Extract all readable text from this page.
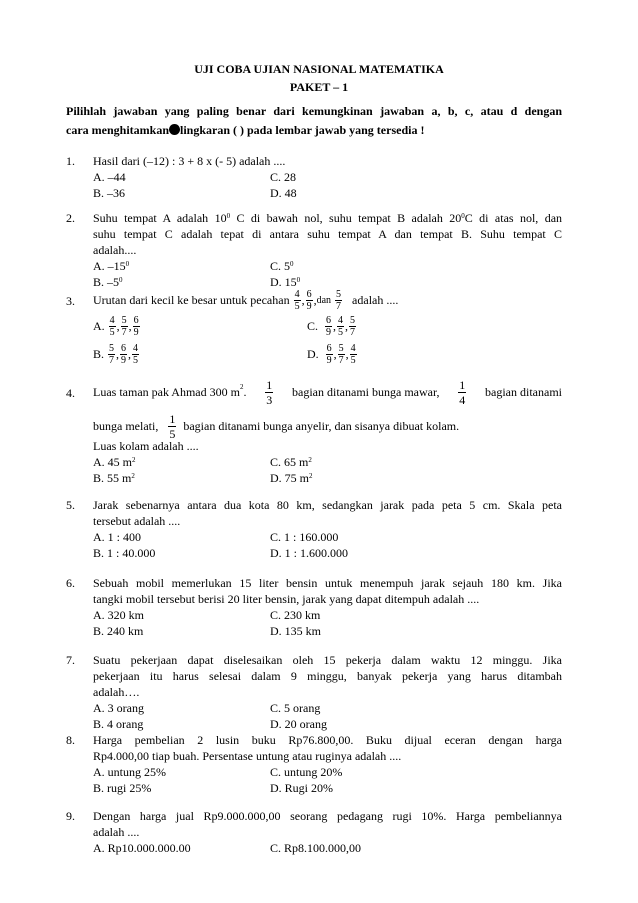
UJI COBA UJIAN NASIONAL MATEMATIKA
PAKET – 1
Pilihlah jawaban yang paling benar dari kemungkinan jawaban a, b, c, atau d dengan
cara menghitamkan lingkaran ( ) pada lembar jawab yang tersedia !
1. Hasil dari (–12) : 3 + 8 x (- 5) adalah ....
A. –44	C. 28
B. –36	D. 48
2. Suhu tempat A adalah $10^0$ C di bawah nol, suhu tempat B adalah $20^0C$ di atas nol, dan
suhu tempat C adalah tepat di antara suhu tempat A dan tempat B. Suhu tempat C
adalah....
A. $-15^0$	C. $5^0$
B. $-5^0$	D. $15^0$
3. Urutan dari kecil ke besar untuk pecahan
$\frac{4}{5}$ , $\frac{6}{9}$ , dan
$\frac{5}{7}$
adalah ....
A.
$\frac{4}{5}$ , $\frac{5}{7}$ , $\frac{6}{9}$	C.
$\frac{6}{9}$ , $\frac{4}{5}$ , $\frac{5}{7}$
B.
$\frac{5}{7}$ , $\frac{6}{9}$ , $\frac{4}{5}$	D.
$\frac{6}{9}$ , $\frac{5}{7}$ , $\frac{4}{5}$
4. Luas taman pak Ahmad 300 $m^2$. $\frac{1}{3}$ bagian ditanami bunga mawar, $\frac{1}{4}$ bagian ditanami
bunga melati,
$\frac{1}{5}$
bagian ditanami bunga anyelir, dan sisanya dibuat kolam.
Luas kolam adalah ....
A. 45 $m^2$	C. 65 $m^2$
B. 55 $m^2$	D. 75 $m^2$
5. Jarak sebenarnya antara dua kota 80 km, sedangkan jarak pada peta 5 cm. Skala peta
tersebut adalah ....
A. 1 : 400	C. 1 : 160.000
B. 1 : 40.000	D. 1 : 1.600.000
6. Sebuah mobil memerlukan 15 liter bensin untuk menempuh jarak sejauh 180 km. Jika
tangki mobil tersebut berisi 20 liter bensin, jarak yang dapat ditempuh adalah ....
A. 320 km	C. 230 km
B. 240 km	D. 135 km
7. Suatu pekerjaan dapat diselesaikan oleh 15 pekerja dalam waktu 12 minggu. Jika
pekerjaan itu harus selesai dalam 9 minggu, banyak pekerja yang harus ditambah
adalah….
A. 3 orang	C. 5 orang
B. 4 orang	D. 20 orang
8. Harga pembelian 2 lusin buku Rp76.800,00. Buku dijual eceran dengan harga
Rp4.000,00 tiap buah. Persentase untung atau ruginya adalah ....
A. untung 25%	C. untung 20%
B. rugi 25%	D. Rugi 20%
9. Dengan harga jual Rp9.000.000,00 seorang pedagang rugi 10%. Harga pembeliannya
adalah ....
A. Rp10.000.000.00	C. Rp8.100.000,00
